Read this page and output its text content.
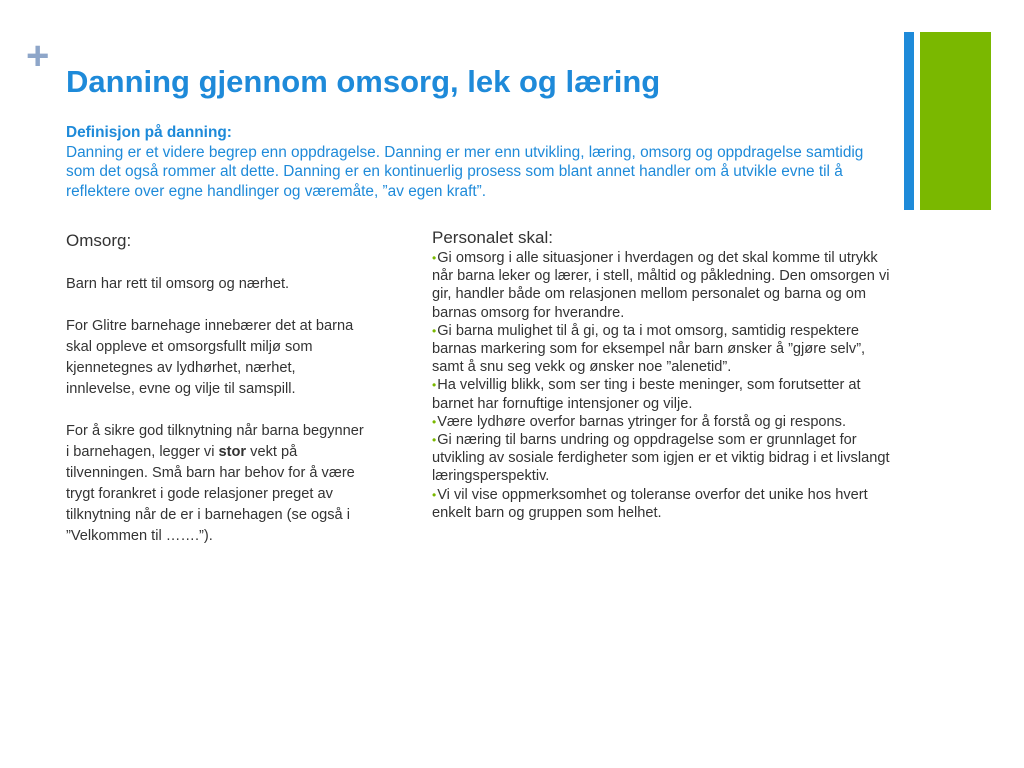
+
Danning gjennom omsorg, lek og læring
Definisjon på danning:
Danning er et videre begrep enn oppdragelse. Danning er mer enn utvikling, læring, omsorg og oppdragelse samtidig som det også rommer alt dette. Danning er en kontinuerlig prosess som blant annet handler om å utvikle evne til å reflektere over egne handlinger og væremåte, ”av egen kraft”.
Omsorg:

Barn har rett til omsorg og nærhet.

For Glitre barnehage innebærer det at barna skal oppleve et omsorgsfullt miljø som kjennetegnes av lydhørhet, nærhet, innlevelse, evne og vilje til samspill.

For å sikre god tilknytning når barna begynner i barnehagen, legger vi stor vekt på tilvenningen. Små barn har behov for å være trygt forankret i gode relasjoner preget av tilknytning når de er i barnehagen (se også i ”Velkommen til …….”).

Personalet skal:
•Gi omsorg i alle situasjoner i hverdagen og det skal komme til utrykk når barna leker og lærer, i stell, måltid og påkledning. Den omsorgen vi gir, handler både om relasjonen mellom personalet og barna og om barnas omsorg for hverandre.
•Gi barna mulighet til å gi, og ta i mot omsorg, samtidig respektere barnas markering som for eksempel når barn ønsker å ”gjøre selv”, samt å snu seg vekk og ønsker noe ”alenetid”.
•Ha velvillig blikk, som ser ting i beste meninger, som forutsetter at barnet har fornuftige intensjoner og vilje.
•Være lydhøre overfor barnas ytringer for å forstå og gi respons.
•Gi næring til barns undring og oppdragelse som er grunnlaget for utvikling av sosiale ferdigheter som igjen er et viktig bidrag i et livslangt læringsperspektiv.
•Vi vil vise oppmerksomhet og toleranse overfor det unike hos hvert enkelt barn og gruppen som helhet.
